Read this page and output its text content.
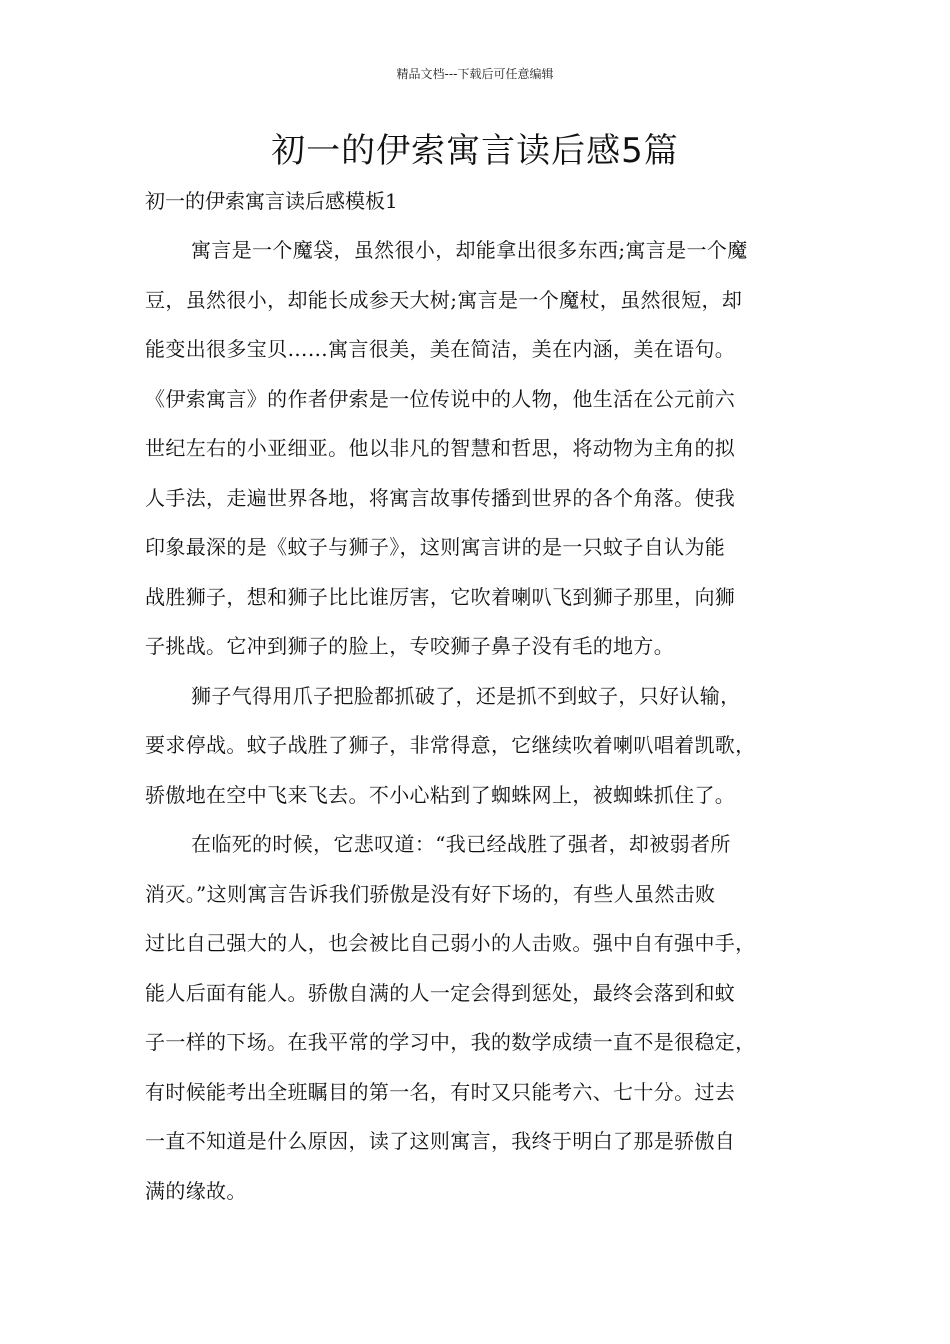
精品文档---下载后可任意编辑
初一的伊索寓言读后感5篇

初一的伊索寓言读后感模板1

寓言是一个魔袋，虽然很小，却能拿出很多东西;寓言是一个魔
豆，虽然很小，却能长成参天大树;寓言是一个魔杖，虽然很短，却
能变出很多宝贝……寓言很美，美在简洁，美在内涵，美在语句。
《伊索寓言》的作者伊索是一位传说中的人物，他生活在公元前六
世纪左右的小亚细亚。他以非凡的智慧和哲思，将动物为主角的拟
人手法，走遍世界各地，将寓言故事传播到世界的各个角落。使我
印象最深的是《蚊子与狮子》，这则寓言讲的是一只蚊子自认为能
战胜狮子，想和狮子比比谁厉害，它吹着喇叭飞到狮子那里，向狮
子挑战。它冲到狮子的脸上，专咬狮子鼻子没有毛的地方。
狮子气得用爪子把脸都抓破了，还是抓不到蚊子，只好认输，
要求停战。蚊子战胜了狮子，非常得意，它继续吹着喇叭唱着凯歌，
骄傲地在空中飞来飞去。不小心粘到了蜘蛛网上，被蜘蛛抓住了。
在临死的时候，它悲叹道：“我已经战胜了强者，却被弱者所
消灭。”这则寓言告诉我们骄傲是没有好下场的，有些人虽然击败
过比自己强大的人，也会被比自己弱小的人击败。强中自有强中手，
能人后面有能人。骄傲自满的人一定会得到惩处，最终会落到和蚊
子一样的下场。在我平常的学习中，我的数学成绩一直不是很稳定，
有时候能考出全班瞩目的第一名，有时又只能考六、七十分。过去
一直不知道是什么原因，读了这则寓言，我终于明白了那是骄傲自
满的缘故。
